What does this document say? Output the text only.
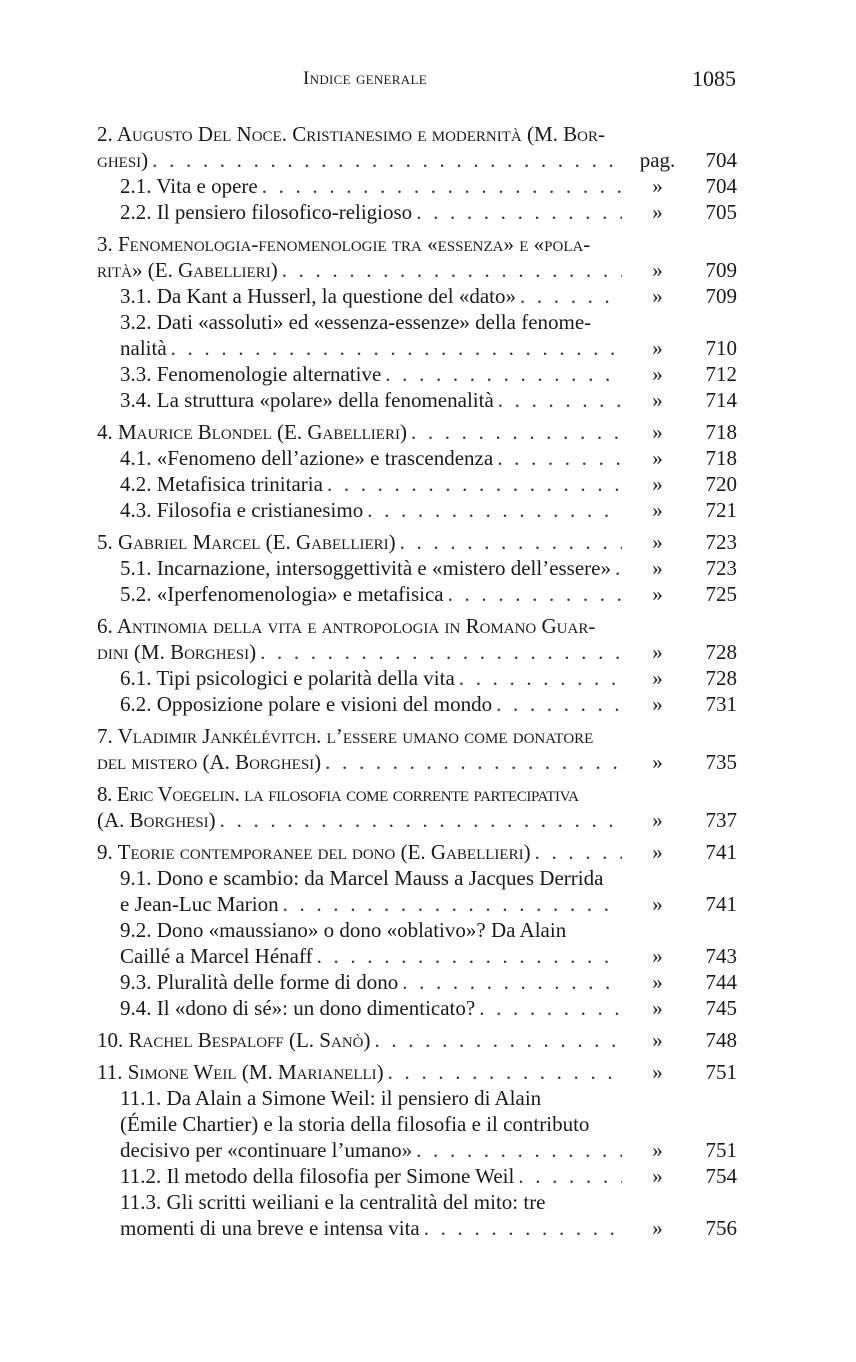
Indice generale	1085
2. Augusto Del Noce. Cristianesimo e modernità (M. Bor-
ghesi) . . .	pag.	704
2.1. Vita e opere . . .	»	704
2.2. Il pensiero filosofico-religioso . . .	»	705
3. Fenomenologia-fenomenologie tra «essenza» e «pola-
rità» (E. Gabellieri) . . .	»	709
3.1. Da Kant a Husserl, la questione del «dato» . . .	»	709
3.2. Dati «assoluti» ed «essenza-essenze» della fenome-
nalità . . .	»	710
3.3. Fenomenologie alternative . . .	»	712
3.4. La struttura «polare» della fenomenalità . . .	»	714
4. Maurice Blondel (E. Gabellieri) . . .	»	718
4.1. «Fenomeno dell’azione» e trascendenza . . .	»	718
4.2. Metafisica trinitaria . . .	»	720
4.3. Filosofia e cristianesimo . . .	»	721
5. Gabriel Marcel (E. Gabellieri) . . .	»	723
5.1. Incarnazione, intersoggettività e «mistero dell’essere» . . .	»	723
5.2. «Iperfenomenologia» e metafisica . . .	»	725
6. Antinomia della vita e antropologia in Romano Guar-
dini (M. Borghesi) . . .	»	728
6.1. Tipi psicologici e polarità della vita . . .	»	728
6.2. Opposizione polare e visioni del mondo . . .	»	731
7. Vladimir Jankélévitch. l’essere umano come donatore
del mistero (A. Borghesi) . . .	»	735
8. Eric Voegelin. la filosofia come corrente partecipativa
(A. Borghesi) . . .	»	737
9. Teorie contemporanee del dono (E. Gabellieri) . . .	»	741
9.1. Dono e scambio: da Marcel Mauss a Jacques Derrida
e Jean-Luc Marion . . .	»	741
9.2. Dono «maussiano» o dono «oblativo»? Da Alain
Caillé a Marcel Hénaff . . .	»	743
9.3. Pluralità delle forme di dono . . .	»	744
9.4. Il «dono di sé»: un dono dimenticato? . . .	»	745
10. Rachel Bespaloff (L. Sanò) . . .	»	748
11. Simone Weil (M. Marianelli) . . .	»	751
11.1. Da Alain a Simone Weil: il pensiero di Alain
(Émile Chartier) e la storia della filosofia e il contributo
decisivo per «continuare l’umano» . . .	»	751
11.2. Il metodo della filosofia per Simone Weil . . .	»	754
11.3. Gli scritti weiliani e la centralità del mito: tre
momenti di una breve e intensa vita . . .	»	756
